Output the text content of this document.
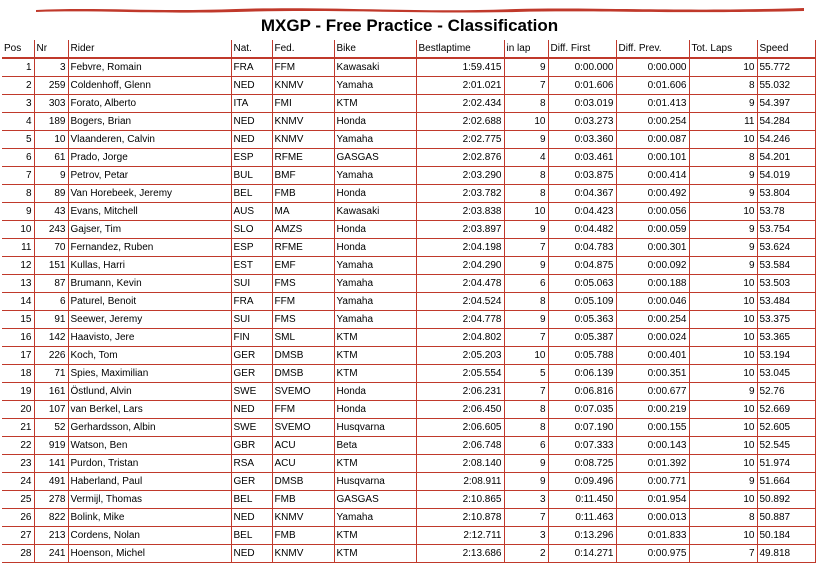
MXGP - Free Practice - Classification
Pos	Nr	Rider	Nat.	Fed.	Bike	Bestlaptime	in lap	Diff. First	Diff. Prev.	Tot. Laps	Speed
1	3	Febvre, Romain	FRA	FFM	Kawasaki	1:59.415	9	0:00.000	0:00.000	10	55.772
2	259	Coldenhoff, Glenn	NED	KNMV	Yamaha	2:01.021	7	0:01.606	0:01.606	8	55.032
3	303	Forato, Alberto	ITA	FMI	KTM	2:02.434	8	0:03.019	0:01.413	9	54.397
4	189	Bogers, Brian	NED	KNMV	Honda	2:02.688	10	0:03.273	0:00.254	11	54.284
5	10	Vlaanderen, Calvin	NED	KNMV	Yamaha	2:02.775	9	0:03.360	0:00.087	10	54.246
6	61	Prado, Jorge	ESP	RFME	GASGAS	2:02.876	4	0:03.461	0:00.101	8	54.201
7	9	Petrov, Petar	BUL	BMF	Yamaha	2:03.290	8	0:03.875	0:00.414	9	54.019
8	89	Van Horebeek, Jeremy	BEL	FMB	Honda	2:03.782	8	0:04.367	0:00.492	9	53.804
9	43	Evans, Mitchell	AUS	MA	Kawasaki	2:03.838	10	0:04.423	0:00.056	10	53.78
10	243	Gajser, Tim	SLO	AMZS	Honda	2:03.897	9	0:04.482	0:00.059	9	53.754
11	70	Fernandez, Ruben	ESP	RFME	Honda	2:04.198	7	0:04.783	0:00.301	9	53.624
12	151	Kullas, Harri	EST	EMF	Yamaha	2:04.290	9	0:04.875	0:00.092	9	53.584
13	87	Brumann, Kevin	SUI	FMS	Yamaha	2:04.478	6	0:05.063	0:00.188	10	53.503
14	6	Paturel, Benoit	FRA	FFM	Yamaha	2:04.524	8	0:05.109	0:00.046	10	53.484
15	91	Seewer, Jeremy	SUI	FMS	Yamaha	2:04.778	9	0:05.363	0:00.254	10	53.375
16	142	Haavisto, Jere	FIN	SML	KTM	2:04.802	7	0:05.387	0:00.024	10	53.365
17	226	Koch, Tom	GER	DMSB	KTM	2:05.203	10	0:05.788	0:00.401	10	53.194
18	71	Spies, Maximilian	GER	DMSB	KTM	2:05.554	5	0:06.139	0:00.351	10	53.045
19	161	Östlund, Alvin	SWE	SVEMO	Honda	2:06.231	7	0:06.816	0:00.677	9	52.76
20	107	van Berkel, Lars	NED	FFM	Honda	2:06.450	8	0:07.035	0:00.219	10	52.669
21	52	Gerhardsson, Albin	SWE	SVEMO	Husqvarna	2:06.605	8	0:07.190	0:00.155	10	52.605
22	919	Watson, Ben	GBR	ACU	Beta	2:06.748	6	0:07.333	0:00.143	10	52.545
23	141	Purdon, Tristan	RSA	ACU	KTM	2:08.140	9	0:08.725	0:01.392	10	51.974
24	491	Haberland, Paul	GER	DMSB	Husqvarna	2:08.911	9	0:09.496	0:00.771	9	51.664
25	278	Vermijl, Thomas	BEL	FMB	GASGAS	2:10.865	3	0:11.450	0:01.954	10	50.892
26	822	Bolink, Mike	NED	KNMV	Yamaha	2:10.878	7	0:11.463	0:00.013	8	50.887
27	213	Cordens, Nolan	BEL	FMB	KTM	2:12.711	3	0:13.296	0:01.833	10	50.184
28	241	Hoenson, Michel	NED	KNMV	KTM	2:13.686	2	0:14.271	0:00.975	7	49.818
